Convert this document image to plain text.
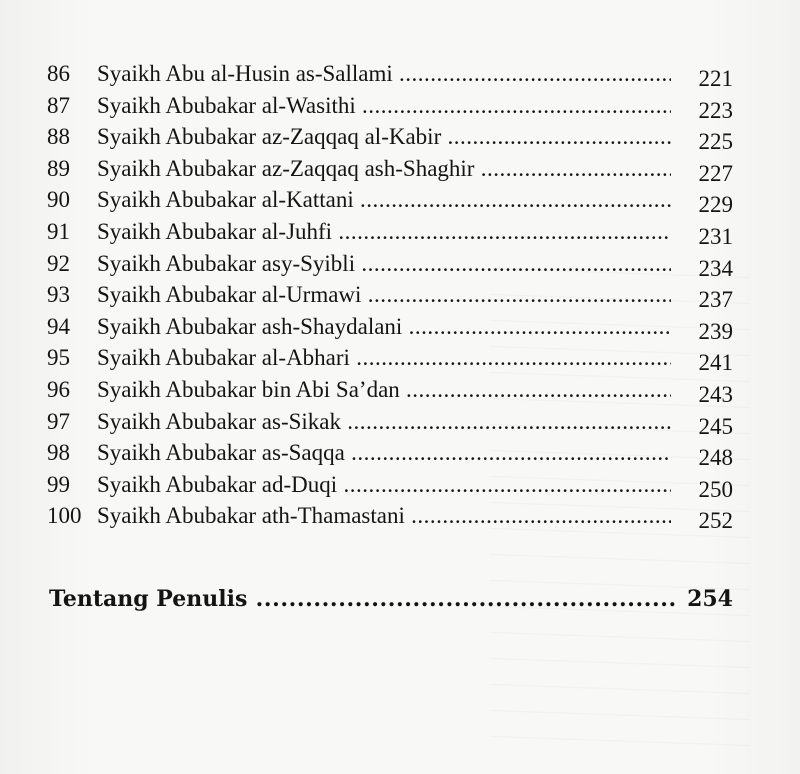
86	Syaikh Abu al-Husin as-Sallami .....	221
87	Syaikh Abubakar al-Wasithi .....	223
88	Syaikh Abubakar az-Zaqqaq al-Kabir .....	225
89	Syaikh Abubakar az-Zaqqaq ash-Shaghir .....	227
90	Syaikh Abubakar al-Kattani .....	229
91	Syaikh Abubakar al-Juhfi .....	231
92	Syaikh Abubakar asy-Syibli .....	234
93	Syaikh Abubakar al-Urmawi .....	237
94	Syaikh Abubakar ash-Shaydalani .....	239
95	Syaikh Abubakar al-Abhari .....	241
96	Syaikh Abubakar bin Abi Sa’dan .....	243
97	Syaikh Abubakar as-Sikak .....	245
98	Syaikh Abubakar as-Saqqa .....	248
99	Syaikh Abubakar ad-Duqi .....	250
100 Syaikh Abubakar ath-Thamastani .....	252
Tentang Penulis .....	254
